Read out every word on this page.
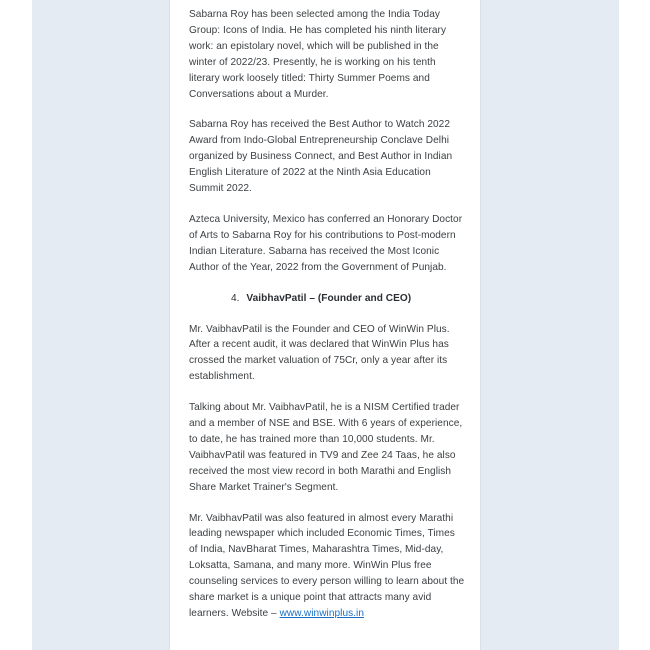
Sabarna Roy has been selected among the India Today Group: Icons of India. He has completed his ninth literary work: an epistolary novel, which will be published in the winter of 2022/23. Presently, he is working on his tenth literary work loosely titled: Thirty Summer Poems and Conversations about a Murder.

Sabarna Roy has received the Best Author to Watch 2022 Award from Indo-Global Entrepreneurship Conclave Delhi organized by Business Connect, and Best Author in Indian English Literature of 2022 at the Ninth Asia Education Summit 2022.

Azteca University, Mexico has conferred an Honorary Doctor of Arts to Sabarna Roy for his contributions to Post-modern Indian Literature. Sabarna has received the Most Iconic Author of the Year, 2022 from the Government of Punjab.

4. VaibhavPatil – (Founder and CEO)

Mr. VaibhavPatil is the Founder and CEO of WinWin Plus. After a recent audit, it was declared that WinWin Plus has crossed the market valuation of 75Cr, only a year after its establishment.

Talking about Mr. VaibhavPatil, he is a NISM Certified trader and a member of NSE and BSE. With 6 years of experience, to date, he has trained more than 10,000 students. Mr. VaibhavPatil was featured in TV9 and Zee 24 Taas, he also received the most view record in both Marathi and English Share Market Trainer's Segment.

Mr. VaibhavPatil was also featured in almost every Marathi leading newspaper which included Economic Times, Times of India, NavBharat Times, Maharashtra Times, Mid-day, Loksatta, Samana, and many more. WinWin Plus free counseling services to every person willing to learn about the share market is a unique point that attracts many avid learners. Website – www.winwinplus.in
